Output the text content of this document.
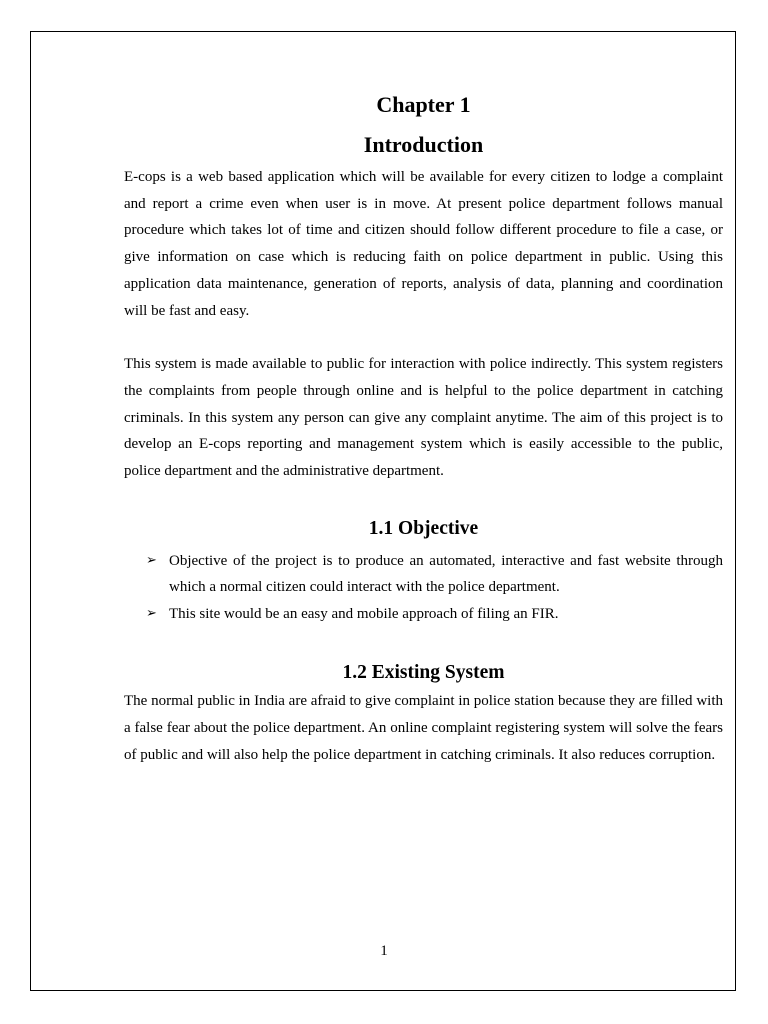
Chapter 1
Introduction

E-cops is a web based application which will be available for every citizen to lodge a complaint and report a crime even when user is in move. At present police department follows manual procedure which takes lot of time and citizen should follow different procedure to file a case, or give information on case which is reducing faith on police department in public. Using this application data maintenance, generation of reports, analysis of data, planning and coordination will be fast and easy.

This system is made available to public for interaction with police indirectly. This system registers the complaints from people through online and is helpful to the police department in catching criminals. In this system any person can give any complaint anytime. The aim of this project is to develop an E-cops reporting and management system which is easily accessible to the public, police department and the administrative department.

1.1 Objective
➢ Objective of the project is to produce an automated, interactive and fast website through which a normal citizen could interact with the police department.
➢ This site would be an easy and mobile approach of filing an FIR.
1.2 Existing System

The normal public in India are afraid to give complaint in police station because they are filled with a false fear about the police department. An online complaint registering system will solve the fears of public and will also help the police department in catching criminals. It also reduces corruption.

1
